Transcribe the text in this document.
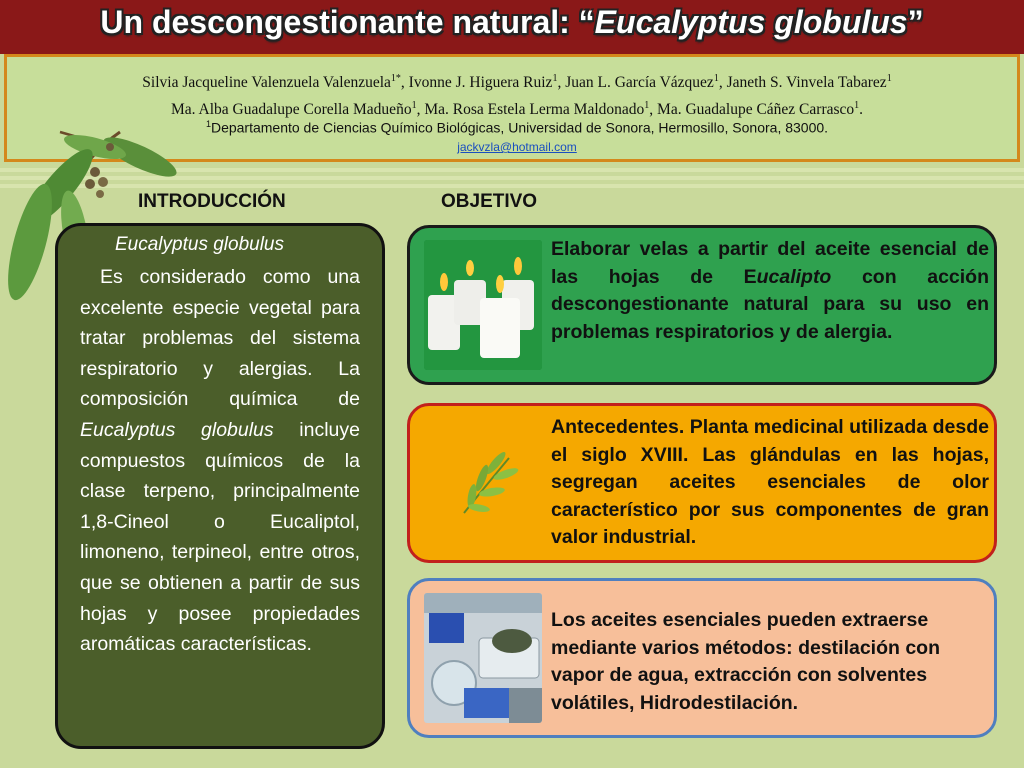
Un descongestionante natural: “Eucalyptus globulus”
Silvia Jacqueline Valenzuela Valenzuela$^{1*}$, Ivonne J. Higuera Ruiz$^1$, Juan L. García Vázquez$^1$, Janeth S. Vinvela Tabarez$^1$
Ma. Alba Guadalupe Corella Madueño$^1$, Ma. Rosa Estela Lerma Maldonado$^1$, Ma. Guadalupe Cáñez Carrasco$^1$.
$^1$Departamento de Ciencias Químico Biológicas, Universidad de Sonora, Hermosillo, Sonora, 83000.
jackvzla@hotmail.com
INTRODUCCIÓN	OBJETIVO
Eucalyptus globulus
Es considerado como una excelente especie vegetal para tratar problemas del sistema respiratorio y alergias. La composición química de Eucalyptus globulus incluye compuestos químicos de la clase terpeno, principalmente 1,8-Cineol o Eucaliptol, limoneno, terpineol, entre otros, que se obtienen a partir de sus hojas y posee propiedades aromáticas características.
Elaborar velas a partir del aceite esencial de las hojas de Eucalipto con acción descongestionante natural para su uso en problemas respiratorios y de alergia.
Antecedentes. Planta medicinal utilizada desde el siglo XVIII. Las glándulas en las hojas, segregan aceites esenciales de olor característico por sus componentes de gran valor industrial.
Los aceites esenciales pueden extraerse mediante varios métodos: destilación con vapor de agua, extracción con solventes volátiles, Hidrodestilación.
